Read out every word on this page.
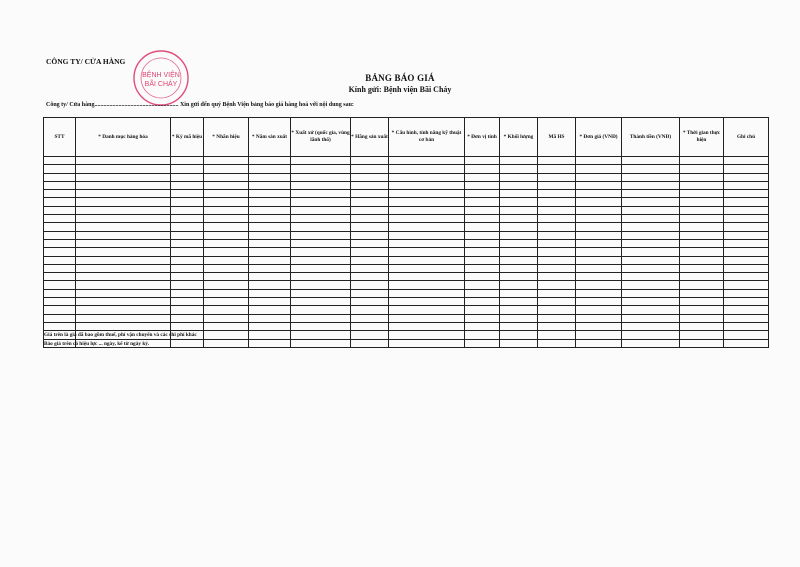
CÔNG TY/ CỬA HÀNG
BỆNH VIỆN
BÃI CHÁY
· · ·
BẢNG BÁO GIÁ
Kính gửi: Bệnh viện Bãi Cháy
Công ty/ Cửa hàng........................................................ Xin gửi đến quý Bệnh Viện bảng báo giá hàng hoá với nội dung sau:
STT	* Danh mục hàng hóa	* Ký mã hiệu	* Nhãn hiệu	* Năm sản xuất	* Xuất xứ (quốc gia, vùng lãnh thổ)	* Hãng sản xuất	* Cấu hình, tính năng kỹ thuật cơ bản	* Đơn vị tính	* Khối lượng	Mã HS	* Đơn giá (VNĐ)	Thành tiền (VNĐ)	* Thời gian thực hiện	Ghi chú

Giá trên là giá đã bao gồm thuế, phí vận chuyển và các chi phí khác
Báo giá trên có hiệu lực ... ngày, kể từ ngày ký.
